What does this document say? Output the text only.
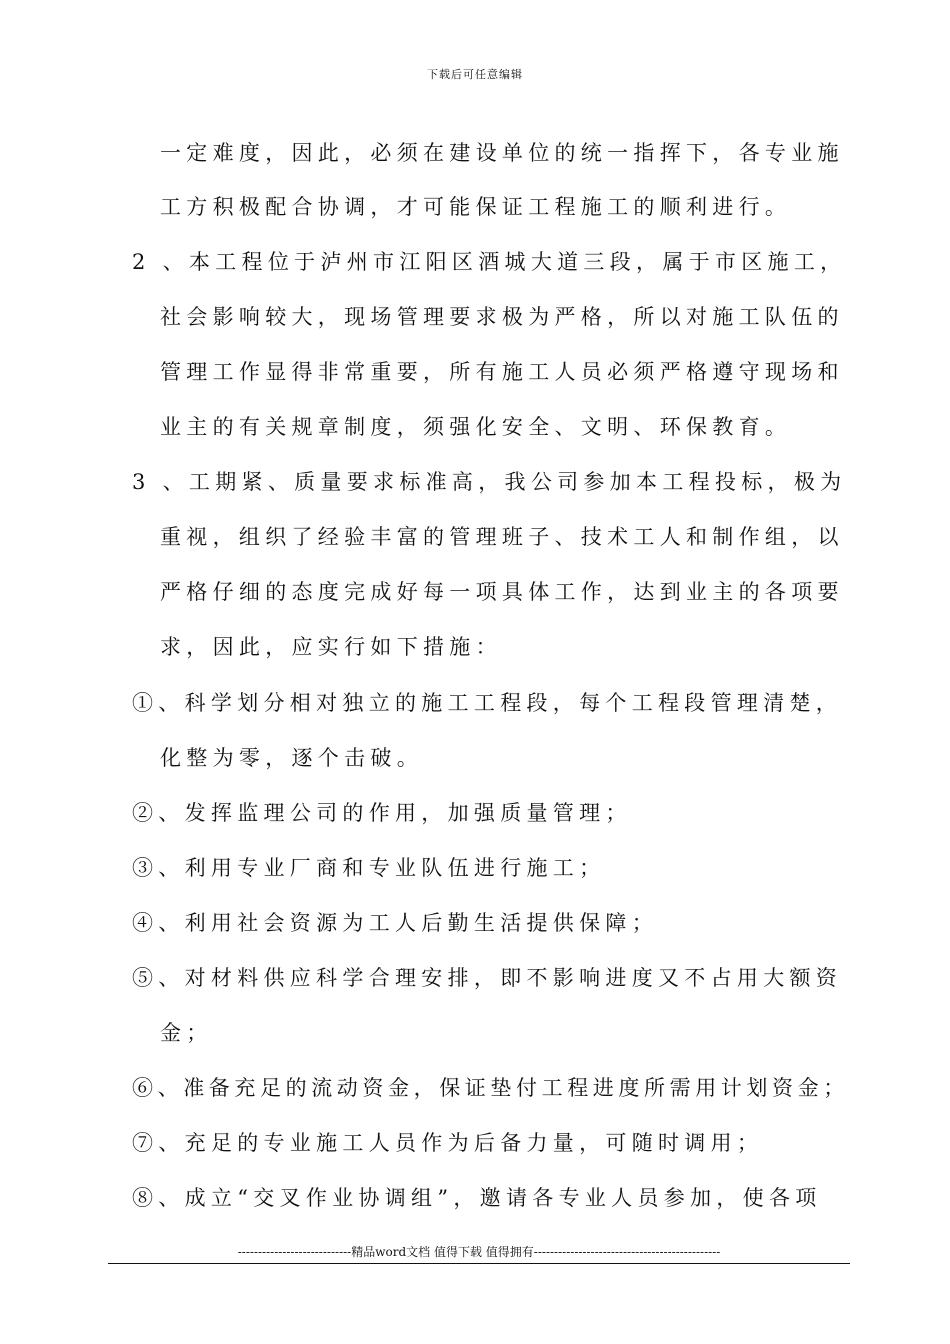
下载后可任意编辑
一定难度，因此，必须在建设单位的统一指挥下，各专业施
工方积极配合协调，才可能保证工程施工的顺利进行。
2 、本工程位于泸州市江阳区酒城大道三段，属于市区施工，
社会影响较大，现场管理要求极为严格，所以对施工队伍的
管理工作显得非常重要，所有施工人员必须严格遵守现场和
业主的有关规章制度，须强化安全、文明、环保教育。
3 、工期紧、质量要求标准高，我公司参加本工程投标，极为
重视，组织了经验丰富的管理班子、技术工人和制作组，以
严格仔细的态度完成好每一项具体工作，达到业主的各项要
求，因此，应实行如下措施：
①、科学划分相对独立的施工工程段，每个工程段管理清楚，
化整为零，逐个击破。
②、发挥监理公司的作用，加强质量管理；
③、利用专业厂商和专业队伍进行施工；
④、利用社会资源为工人后勤生活提供保障；
⑤、对材料供应科学合理安排，即不影响进度又不占用大额资
金；
⑥、准备充足的流动资金，保证垫付工程进度所需用计划资金；
⑦、充足的专业施工人员作为后备力量，可随时调用；
⑧、成立“交叉作业协调组”，邀请各专业人员参加，使各项
----------------------------精品word文档 值得下载 值得拥有----------------------------------------------
